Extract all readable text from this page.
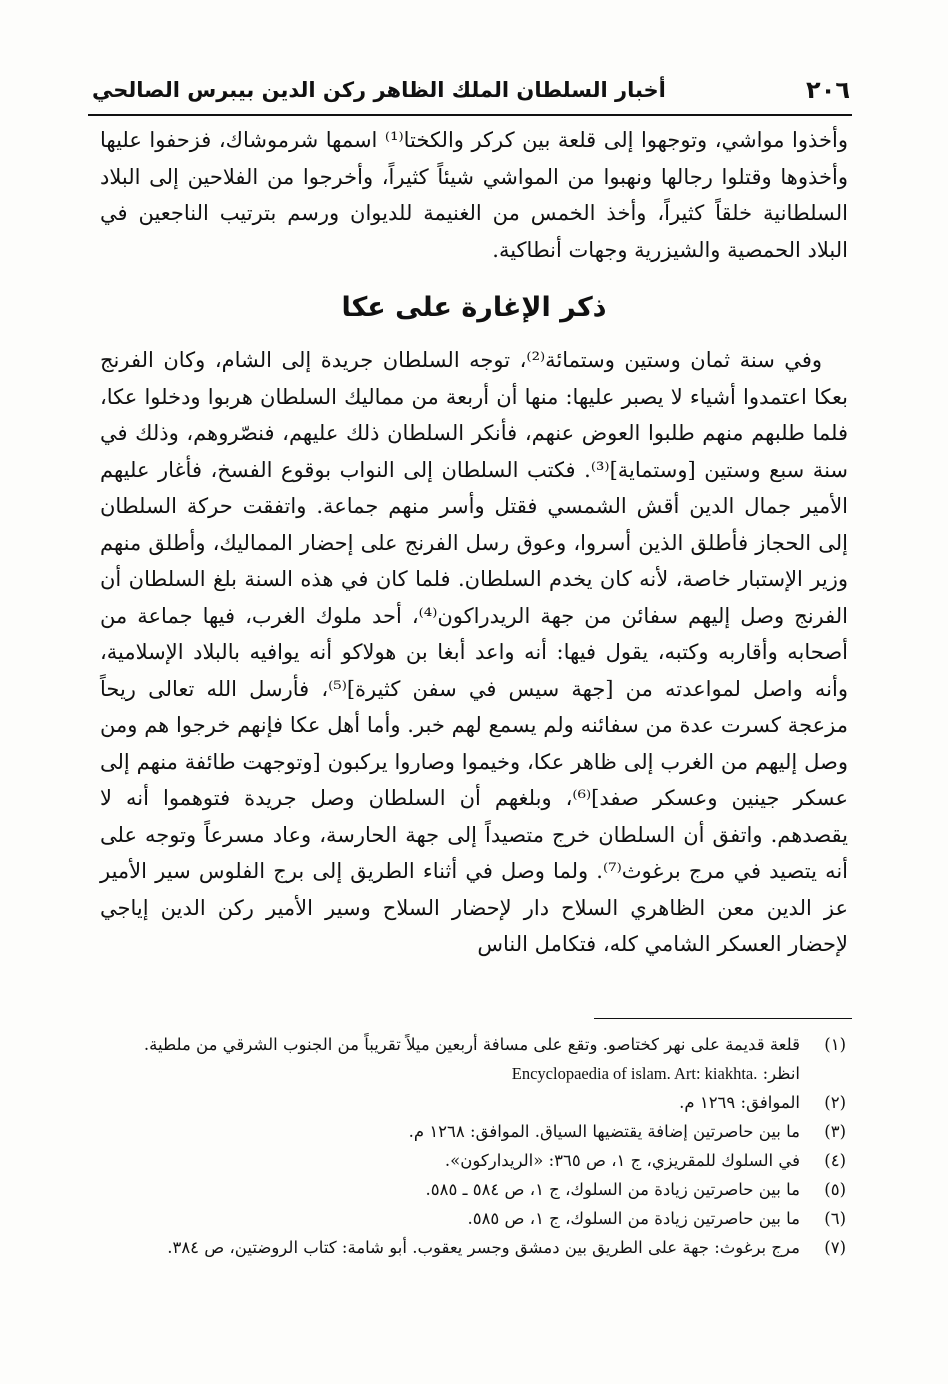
٢٠٦
أخبار السلطان الملك الظاهر ركن الدين بيبرس الصالحي

وأخذوا مواشي، وتوجهوا إلى قلعة بين كركر والكختا⁽¹⁾ اسمها شرموشاك، فزحفوا عليها وأخذوها وقتلوا رجالها ونهبوا من المواشي شيئاً كثيراً، وأخرجوا من الفلاحين إلى البلاد السلطانية خلقاً كثيراً، وأخذ الخمس من الغنيمة للديوان ورسم بترتيب الناجعين في البلاد الحمصية والشيزرية وجهات أنطاكية.

ذكر الإغارة على عكا

وفي سنة ثمان وستين وستمائة⁽²⁾، توجه السلطان جريدة إلى الشام، وكان الفرنج بعكا اعتمدوا أشياء لا يصبر عليها: منها أن أربعة من مماليك السلطان هربوا ودخلوا عكا، فلما طلبهم منهم طلبوا العوض عنهم، فأنكر السلطان ذلك عليهم، فنصّروهم، وذلك في سنة سبع وستين [وستماية]⁽³⁾. فكتب السلطان إلى النواب بوقوع الفسخ، فأغار عليهم الأمير جمال الدين أقش الشمسي فقتل وأسر منهم جماعة. واتفقت حركة السلطان إلى الحجاز فأطلق الذين أسروا، وعوق رسل الفرنج على إحضار المماليك، وأطلق منهم وزير الإستبار خاصة، لأنه كان يخدم السلطان. فلما كان في هذه السنة بلغ السلطان أن الفرنج وصل إليهم سفائن من جهة الريدراكون⁽⁴⁾، أحد ملوك الغرب، فيها جماعة من أصحابه وأقاربه وكتبه، يقول فيها: أنه واعد أبغا بن هولاكو أنه يوافيه بالبلاد الإسلامية، وأنه واصل لمواعدته من [جهة سيس في سفن كثيرة]⁽⁵⁾، فأرسل الله تعالى ريحاً مزعجة كسرت عدة من سفائنه ولم يسمع لهم خبر. وأما أهل عكا فإنهم خرجوا هم ومن وصل إليهم من الغرب إلى ظاهر عكا، وخيموا وصاروا يركبون [وتوجهت طائفة منهم إلى عسكر جينين وعسكر صفد]⁽⁶⁾، وبلغهم أن السلطان وصل جريدة فتوهموا أنه لا يقصدهم. واتفق أن السلطان خرج متصيداً إلى جهة الحارسة، وعاد مسرعاً وتوجه على أنه يتصيد في مرج برغوث⁽⁷⁾. ولما وصل في أثناء الطريق إلى برج الفلوس سير الأمير عز الدين معن الظاهري السلاح دار لإحضار السلاح وسير الأمير ركن الدين إياجي لإحضار العسكر الشامي كله، فتكامل الناس

(١)
قلعة قديمة على نهر كختاصو. وتقع على مسافة أربعين ميلاً تقريباً من الجنوب الشرقي من ملطية.
انظر: Encyclopaedia of islam. Art: kiakhta.
(٢)
الموافق: ١٢٦٩ م.
(٣)
ما بين حاصرتين إضافة يقتضيها السياق. الموافق: ١٢٦٨ م.
(٤)
في السلوك للمقريزي، ج ١، ص ٣٦٥: «الريداركون».
(٥)
ما بين حاصرتين زيادة من السلوك، ج ١، ص ٥٨٤ ـ ٥٨٥.
(٦)
ما بين حاصرتين زيادة من السلوك، ج ١، ص ٥٨٥.
(٧)
مرج برغوث: جهة على الطريق بين دمشق وجسر يعقوب. أبو شامة: كتاب الروضتين، ص ٣٨٤.
